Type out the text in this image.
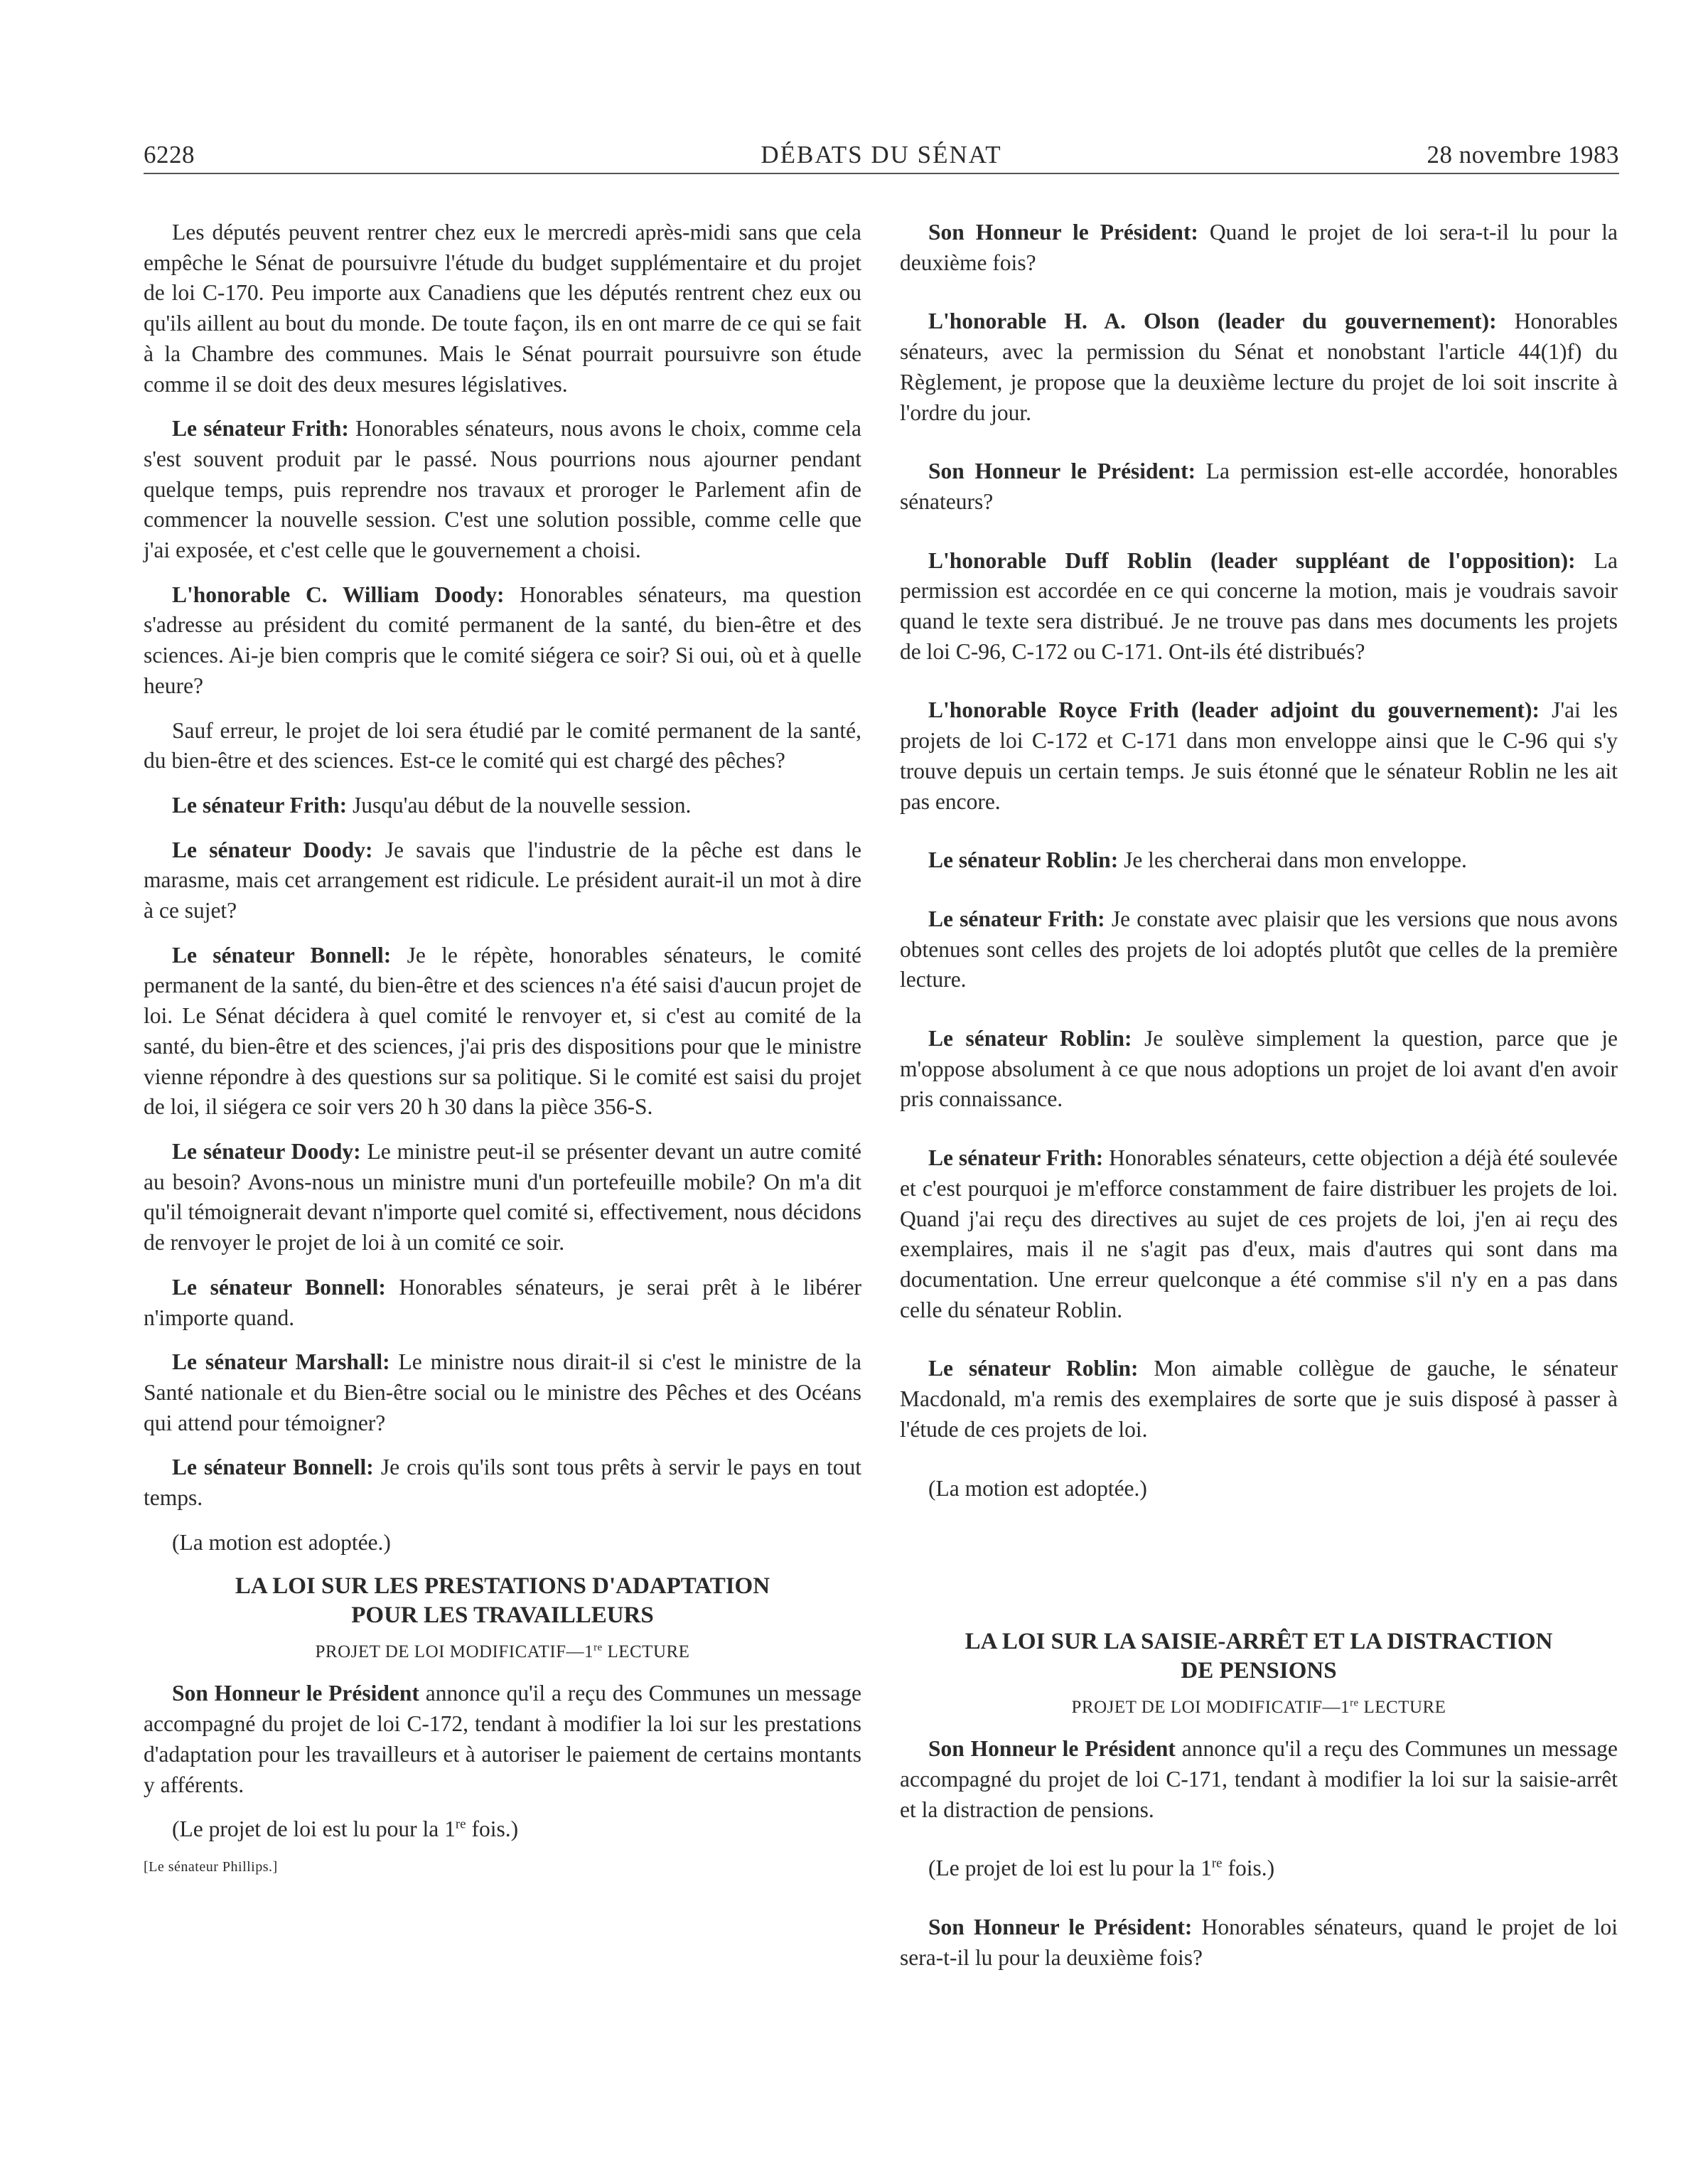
6228	DÉBATS DU SÉNAT	28 novembre 1983

Les députés peuvent rentrer chez eux le mercredi après-midi sans que cela empêche le Sénat de poursuivre l'étude du budget supplémentaire et du projet de loi C-170. Peu importe aux Canadiens que les députés rentrent chez eux ou qu'ils aillent au bout du monde. De toute façon, ils en ont marre de ce qui se fait à la Chambre des communes. Mais le Sénat pourrait poursuivre son étude comme il se doit des deux mesures législatives.

Le sénateur Frith: Honorables sénateurs, nous avons le choix, comme cela s'est souvent produit par le passé. Nous pourrions nous ajourner pendant quelque temps, puis reprendre nos travaux et proroger le Parlement afin de commencer la nouvelle session. C'est une solution possible, comme celle que j'ai exposée, et c'est celle que le gouvernement a choisi.

L'honorable C. William Doody: Honorables sénateurs, ma question s'adresse au président du comité permanent de la santé, du bien-être et des sciences. Ai-je bien compris que le comité siégera ce soir? Si oui, où et à quelle heure?

Sauf erreur, le projet de loi sera étudié par le comité permanent de la santé, du bien-être et des sciences. Est-ce le comité qui est chargé des pêches?

Le sénateur Frith: Jusqu'au début de la nouvelle session.

Le sénateur Doody: Je savais que l'industrie de la pêche est dans le marasme, mais cet arrangement est ridicule. Le président aurait-il un mot à dire à ce sujet?

Le sénateur Bonnell: Je le répète, honorables sénateurs, le comité permanent de la santé, du bien-être et des sciences n'a été saisi d'aucun projet de loi. Le Sénat décidera à quel comité le renvoyer et, si c'est au comité de la santé, du bien-être et des sciences, j'ai pris des dispositions pour que le ministre vienne répondre à des questions sur sa politique. Si le comité est saisi du projet de loi, il siégera ce soir vers 20 h 30 dans la pièce 356-S.

Le sénateur Doody: Le ministre peut-il se présenter devant un autre comité au besoin? Avons-nous un ministre muni d'un portefeuille mobile? On m'a dit qu'il témoignerait devant n'importe quel comité si, effectivement, nous décidons de renvoyer le projet de loi à un comité ce soir.

Le sénateur Bonnell: Honorables sénateurs, je serai prêt à le libérer n'importe quand.

Le sénateur Marshall: Le ministre nous dirait-il si c'est le ministre de la Santé nationale et du Bien-être social ou le ministre des Pêches et des Océans qui attend pour témoigner?

Le sénateur Bonnell: Je crois qu'ils sont tous prêts à servir le pays en tout temps.

(La motion est adoptée.)

LA LOI SUR LES PRESTATIONS D'ADAPTATION
POUR LES TRAVAILLEURS
PROJET DE LOI MODIFICATIF—1re LECTURE

Son Honneur le Président annonce qu'il a reçu des Communes un message accompagné du projet de loi C-172, tendant à modifier la loi sur les prestations d'adaptation pour les travailleurs et à autoriser le paiement de certains montants y afférents.

(Le projet de loi est lu pour la 1re fois.)

[Le sénateur Phillips.]

Son Honneur le Président: Quand le projet de loi sera-t-il lu pour la deuxième fois?

L'honorable H. A. Olson (leader du gouvernement): Honorables sénateurs, avec la permission du Sénat et nonobstant l'article 44(1)f) du Règlement, je propose que la deuxième lecture du projet de loi soit inscrite à l'ordre du jour.

Son Honneur le Président: La permission est-elle accordée, honorables sénateurs?

L'honorable Duff Roblin (leader suppléant de l'opposition): La permission est accordée en ce qui concerne la motion, mais je voudrais savoir quand le texte sera distribué. Je ne trouve pas dans mes documents les projets de loi C-96, C-172 ou C-171. Ont-ils été distribués?

L'honorable Royce Frith (leader adjoint du gouvernement): J'ai les projets de loi C-172 et C-171 dans mon enveloppe ainsi que le C-96 qui s'y trouve depuis un certain temps. Je suis étonné que le sénateur Roblin ne les ait pas encore.

Le sénateur Roblin: Je les chercherai dans mon enveloppe.

Le sénateur Frith: Je constate avec plaisir que les versions que nous avons obtenues sont celles des projets de loi adoptés plutôt que celles de la première lecture.

Le sénateur Roblin: Je soulève simplement la question, parce que je m'oppose absolument à ce que nous adoptions un projet de loi avant d'en avoir pris connaissance.

Le sénateur Frith: Honorables sénateurs, cette objection a déjà été soulevée et c'est pourquoi je m'efforce constamment de faire distribuer les projets de loi. Quand j'ai reçu des directives au sujet de ces projets de loi, j'en ai reçu des exemplaires, mais il ne s'agit pas d'eux, mais d'autres qui sont dans ma documentation. Une erreur quelconque a été commise s'il n'y en a pas dans celle du sénateur Roblin.

Le sénateur Roblin: Mon aimable collègue de gauche, le sénateur Macdonald, m'a remis des exemplaires de sorte que je suis disposé à passer à l'étude de ces projets de loi.

(La motion est adoptée.)

LA LOI SUR LA SAISIE-ARRÊT ET LA DISTRACTION
DE PENSIONS
PROJET DE LOI MODIFICATIF—1re LECTURE

Son Honneur le Président annonce qu'il a reçu des Communes un message accompagné du projet de loi C-171, tendant à modifier la loi sur la saisie-arrêt et la distraction de pensions.

(Le projet de loi est lu pour la 1re fois.)

Son Honneur le Président: Honorables sénateurs, quand le projet de loi sera-t-il lu pour la deuxième fois?
